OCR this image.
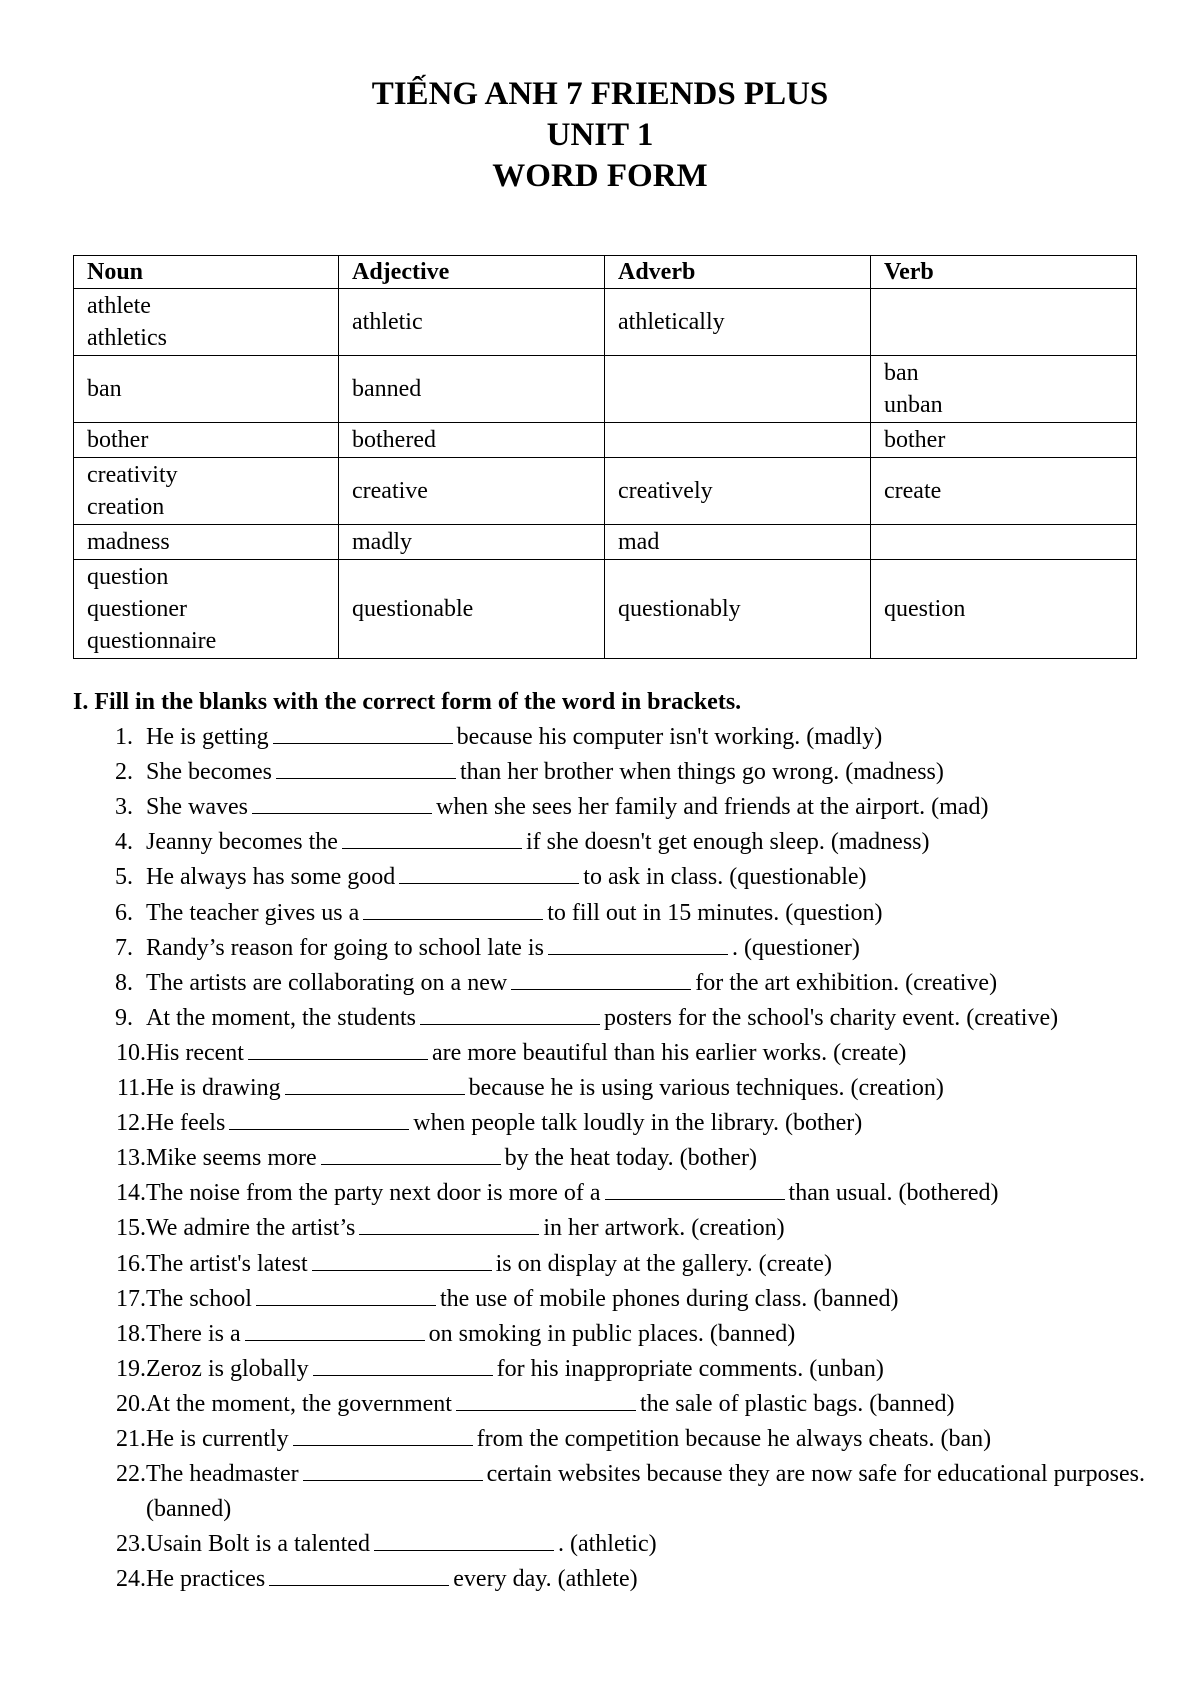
TIẾNG ANH 7 FRIENDS PLUS
UNIT 1
WORD FORM
Noun	Adjective	Adverb	Verb

athlete
athletics	athletic	athletically	

ban	banned		ban
unban

bother	bothered		bother

creativity
creation	creative	creatively	create

madness	madly	mad	

question
questioner
questionnaire	questionable	questionably	question
I. Fill in the blanks with the correct form of the word in brackets.
1. He is getting	because his computer isn't working. (madly)
2. She becomes	than her brother when things go wrong. (madness)
3. She waves	when she sees her family and friends at the airport. (mad)
4. Jeanny becomes the	if she doesn't get enough sleep. (madness)
5. He always has some good	to ask in class. (questionable)
6. The teacher gives us a	to fill out in 15 minutes. (question)
7. Randy’s reason for going to school late is	. (questioner)
8. The artists are collaborating on a new	for the art exhibition. (creative)
9. At the moment, the students	posters for the school's charity event. (creative)
10. His recent	are more beautiful than his earlier works. (create)
11. He is drawing	because he is using various techniques. (creation)
12. He feels	when people talk loudly in the library. (bother)
13. Mike seems more	by the heat today. (bother)
14. The noise from the party next door is more of a	than usual. (bothered)
15. We admire the artist’s	in her artwork. (creation)
16. The artist's latest	is on display at the gallery. (create)
17. The school	the use of mobile phones during class. (banned)
18. There is a	on smoking in public places. (banned)
19. Zeroz is globally	for his inappropriate comments. (unban)
20. At the moment, the government	the sale of plastic bags. (banned)
21. He is currently	from the competition because he always cheats. (ban)
22. The headmaster	certain websites because they are now safe for educational purposes. (banned)
23. Usain Bolt is a talented	. (athletic)
24. He practices	every day. (athlete)
